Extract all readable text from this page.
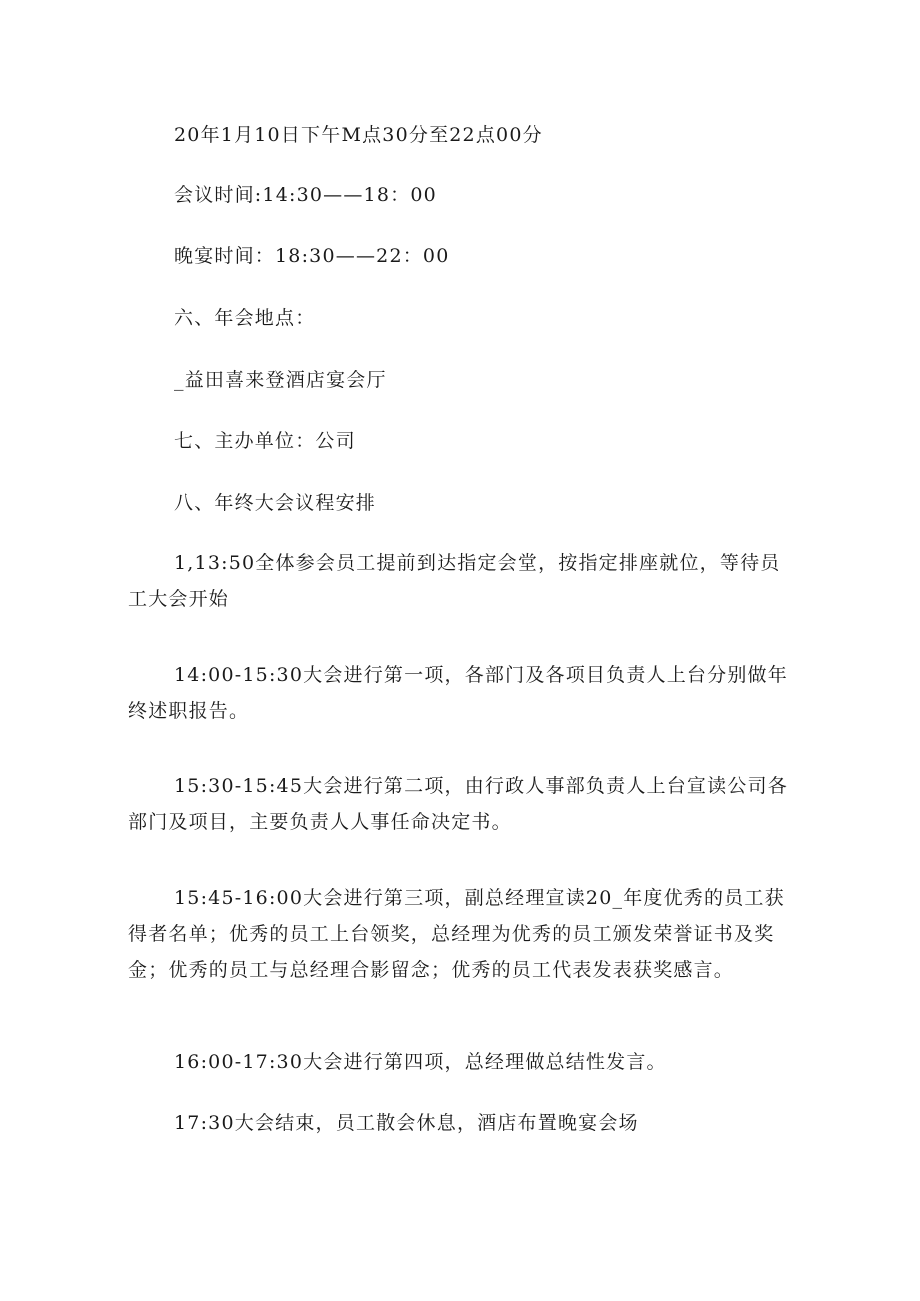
20年1月10日下午M点30分至22点00分

会议时间:14:30——18：00

晚宴时间：18:30——22：00

六、年会地点：

_益田喜来登酒店宴会厅

七、主办单位：公司

八、年终大会议程安排

1,13:50全体参会员工提前到达指定会堂，按指定排座就位，等待员工大会开始

14:00-15:30大会进行第一项，各部门及各项目负责人上台分别做年终述职报告。

15:30-15:45大会进行第二项，由行政人事部负责人上台宣读公司各部门及项目，主要负责人人事任命决定书。

15:45-16:00大会进行第三项，副总经理宣读20_年度优秀的员工获得者名单；优秀的员工上台领奖，总经理为优秀的员工颁发荣誉证书及奖金；优秀的员工与总经理合影留念；优秀的员工代表发表获奖感言。

16:00-17:30大会进行第四项，总经理做总结性发言。

17:30大会结束，员工散会休息，酒店布置晚宴会场
